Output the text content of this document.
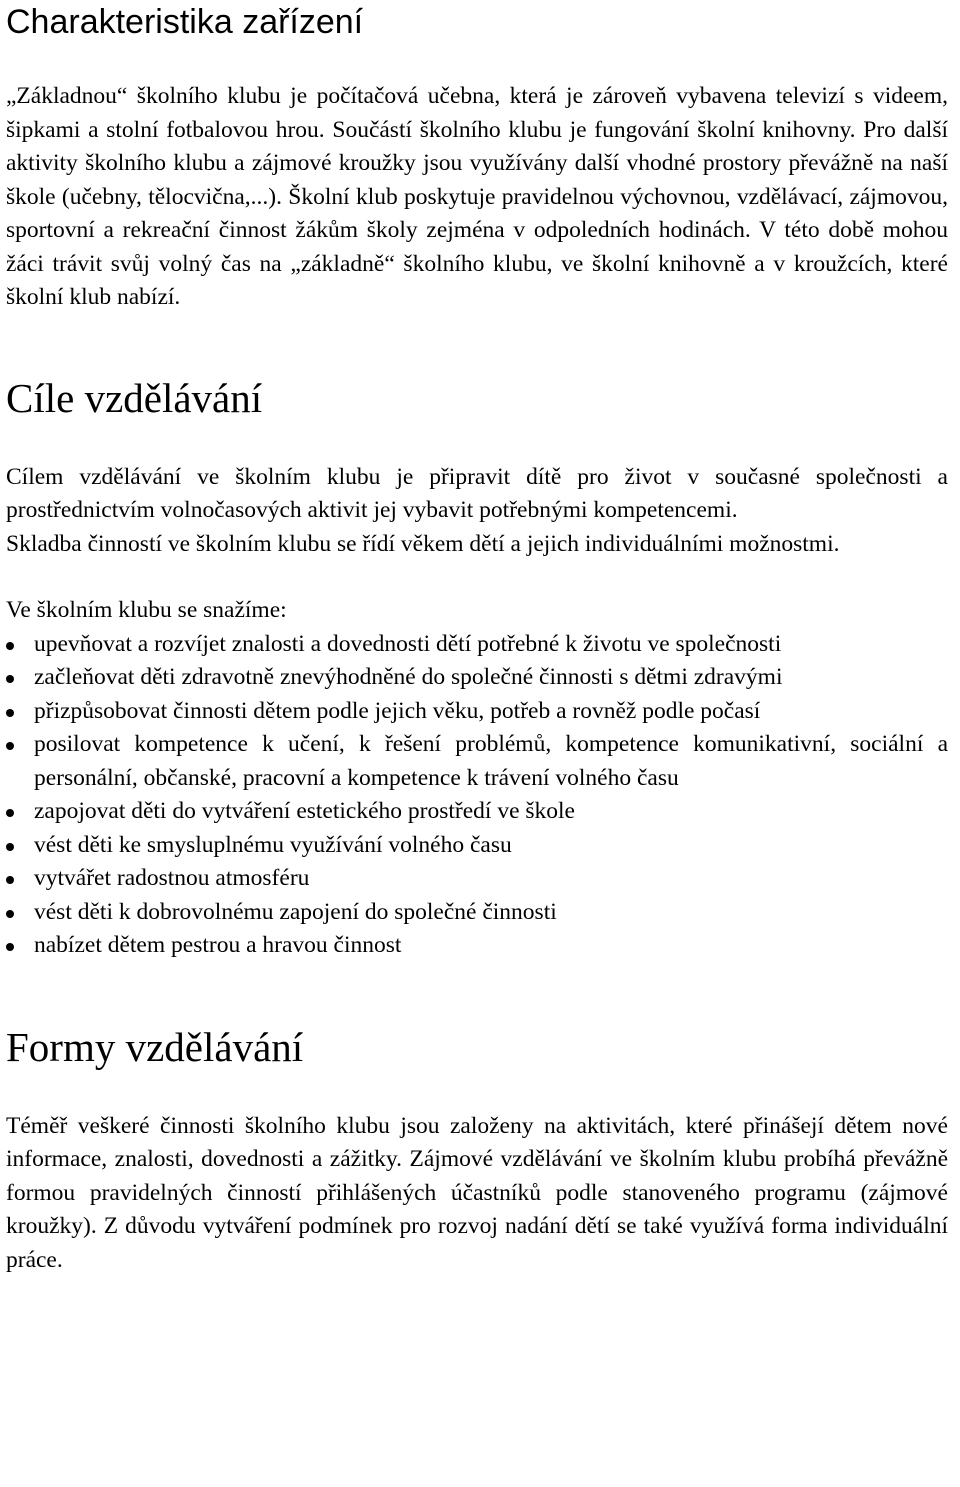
Charakteristika zařízení

„Základnou“ školního klubu je počítačová učebna, která je zároveň vybavena televizí s videem, šipkami a stolní fotbalovou hrou. Součástí školního klubu je fungování školní knihovny. Pro další aktivity školního klubu a zájmové kroužky jsou využívány další vhodné prostory převážně na naší škole (učebny, tělocvična,...). Školní klub poskytuje pravidelnou výchovnou, vzdělávací, zájmovou, sportovní a rekreační činnost žákům školy zejména v odpoledních hodinách. V této době mohou žáci trávit svůj volný čas na „základně“ školního klubu, ve školní knihovně a v kroužcích, které školní klub nabízí.

Cíle vzdělávání

Cílem vzdělávání ve školním klubu je připravit dítě pro život v současné společnosti a prostřednictvím volnočasových aktivit jej vybavit potřebnými kompetencemi.

Skladba činností ve školním klubu se řídí věkem dětí a jejich individuálními možnostmi.

Ve školním klubu se snažíme:
upevňovat a rozvíjet znalosti a dovednosti dětí potřebné k životu ve společnosti
začleňovat děti zdravotně znevýhodněné do společné činnosti s dětmi zdravými
přizpůsobovat činnosti dětem podle jejich věku, potřeb a rovněž podle počasí
posilovat kompetence k učení, k řešení problémů, kompetence komunikativní, sociální a personální, občanské, pracovní a kompetence k trávení volného času
zapojovat děti do vytváření estetického prostředí ve škole
vést děti ke smysluplnému využívání volného času
vytvářet radostnou atmosféru
vést děti k dobrovolnému zapojení do společné činnosti
nabízet dětem pestrou a hravou činnost
Formy vzdělávání

Téměř veškeré činnosti školního klubu jsou založeny na aktivitách, které přinášejí dětem nové informace, znalosti, dovednosti a zážitky. Zájmové vzdělávání ve školním klubu probíhá převážně formou pravidelných činností přihlášených účastníků podle stanoveného programu (zájmové kroužky). Z důvodu vytváření podmínek pro rozvoj nadání dětí se také využívá forma individuální práce.
